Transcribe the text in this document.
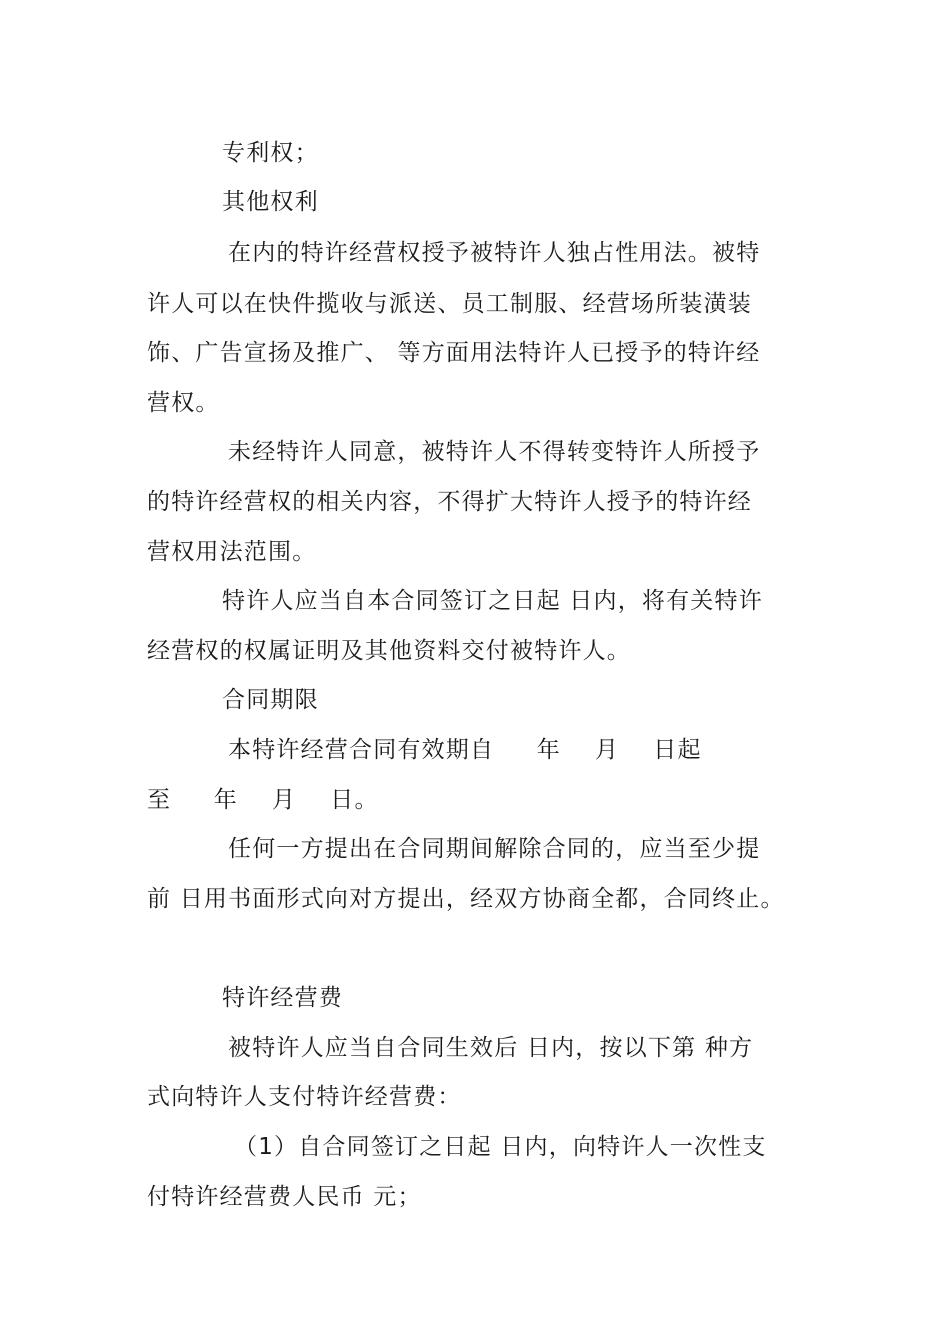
专利权；
其他权利
在内的特许经营权授予被特许人独占性用法。被特
许人可以在快件揽收与派送、员工制服、经营场所装潢装
饰、广告宣扬及推广、 等方面用法特许人已授予的特许经
营权。
未经特许人同意，被特许人不得转变特许人所授予
的特许经营权的相关内容，不得扩大特许人授予的特许经
营权用法范围。
特许人应当自本合同签订之日起 日内，将有关特许
经营权的权属证明及其他资料交付被特许人。
合同期限
本特许经营合同有效期自     年    月    日起
至     年    月    日。
任何一方提出在合同期间解除合同的，应当至少提
前 日用书面形式向对方提出，经双方协商全都，合同终止。
特许经营费
被特许人应当自合同生效后 日内，按以下第 种方
式向特许人支付特许经营费：
（1）自合同签订之日起 日内，向特许人一次性支
付特许经营费人民币 元；
